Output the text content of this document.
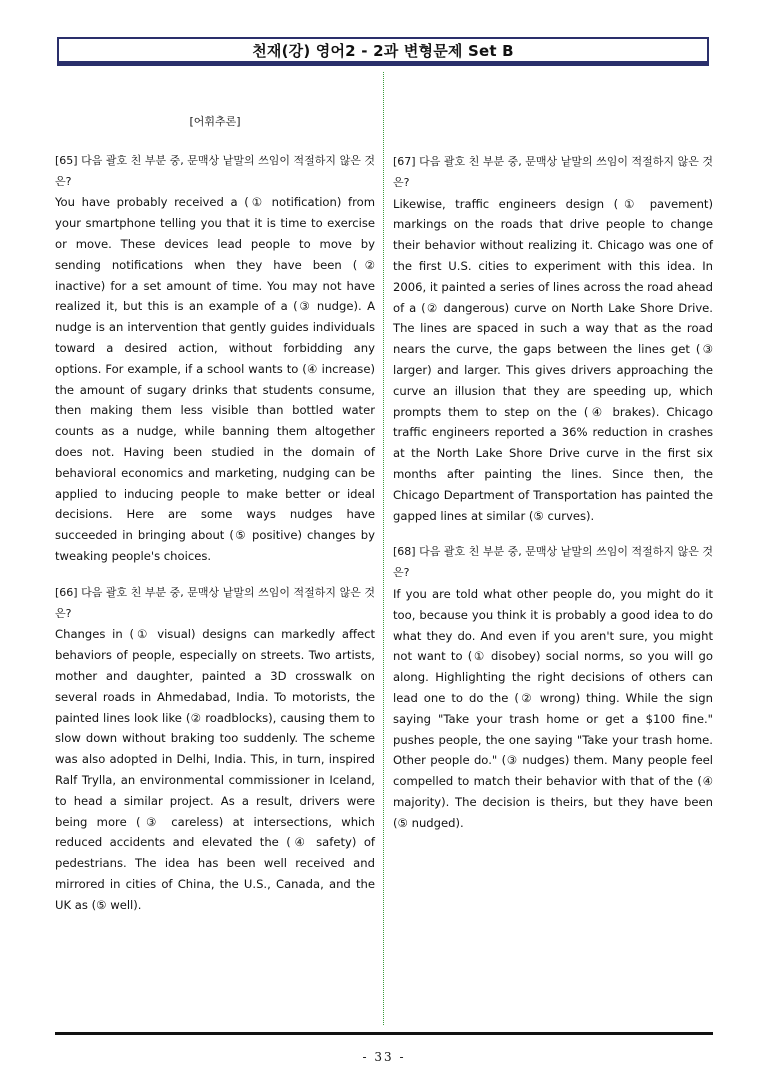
천재(강) 영어2 - 2과 변형문제 Set B
[어휘추론]

[65] 다음 괄호 친 부분 중, 문맥상 낱말의 쓰임이 적절하지 않은 것은?

You have probably received a (① notification) from your smartphone telling you that it is time to exercise or move. These devices lead people to move by sending notifications when they have been (② inactive) for a set amount of time. You may not have realized it, but this is an example of a (③ nudge). A nudge is an intervention that gently guides individuals toward a desired action, without forbidding any options. For example, if a school wants to (④ increase) the amount of sugary drinks that students consume, then making them less visible than bottled water counts as a nudge, while banning them altogether does not. Having been studied in the domain of behavioral economics and marketing, nudging can be applied to inducing people to make better or ideal decisions. Here are some ways nudges have succeeded in bringing about (⑤ positive) changes by tweaking people's choices.

[66] 다음 괄호 친 부분 중, 문맥상 낱말의 쓰임이 적절하지 않은 것은?

Changes in (① visual) designs can markedly affect behaviors of people, especially on streets. Two artists, mother and daughter, painted a 3D crosswalk on several roads in Ahmedabad, India. To motorists, the painted lines look like (② roadblocks), causing them to slow down without braking too suddenly. The scheme was also adopted in Delhi, India. This, in turn, inspired Ralf Trylla, an environmental commissioner in Iceland, to head a similar project. As a result, drivers were being more (③ careless) at intersections, which reduced accidents and elevated the (④ safety) of pedestrians. The idea has been well received and mirrored in cities of China, the U.S., Canada, and the UK as (⑤ well).

[67] 다음 괄호 친 부분 중, 문맥상 낱말의 쓰임이 적절하지 않은 것은?

Likewise, traffic engineers design (① pavement) markings on the roads that drive people to change their behavior without realizing it. Chicago was one of the first U.S. cities to experiment with this idea. In 2006, it painted a series of lines across the road ahead of a (② dangerous) curve on North Lake Shore Drive. The lines are spaced in such a way that as the road nears the curve, the gaps between the lines get (③ larger) and larger. This gives drivers approaching the curve an illusion that they are speeding up, which prompts them to step on the (④ brakes). Chicago traffic engineers reported a 36% reduction in crashes at the North Lake Shore Drive curve in the first six months after painting the lines. Since then, the Chicago Department of Transportation has painted the gapped lines at similar (⑤ curves).

[68] 다음 괄호 친 부분 중, 문맥상 낱말의 쓰임이 적절하지 않은 것은?

If you are told what other people do, you might do it too, because you think it is probably a good idea to do what they do. And even if you aren't sure, you might not want to (① disobey) social norms, so you will go along. Highlighting the right decisions of others can lead one to do the (② wrong) thing. While the sign saying "Take your trash home or get a $100 fine." pushes people, the one saying "Take your trash home. Other people do." (③ nudges) them. Many people feel compelled to match their behavior with that of the (④ majority). The decision is theirs, but they have been (⑤ nudged).

- 33 -
